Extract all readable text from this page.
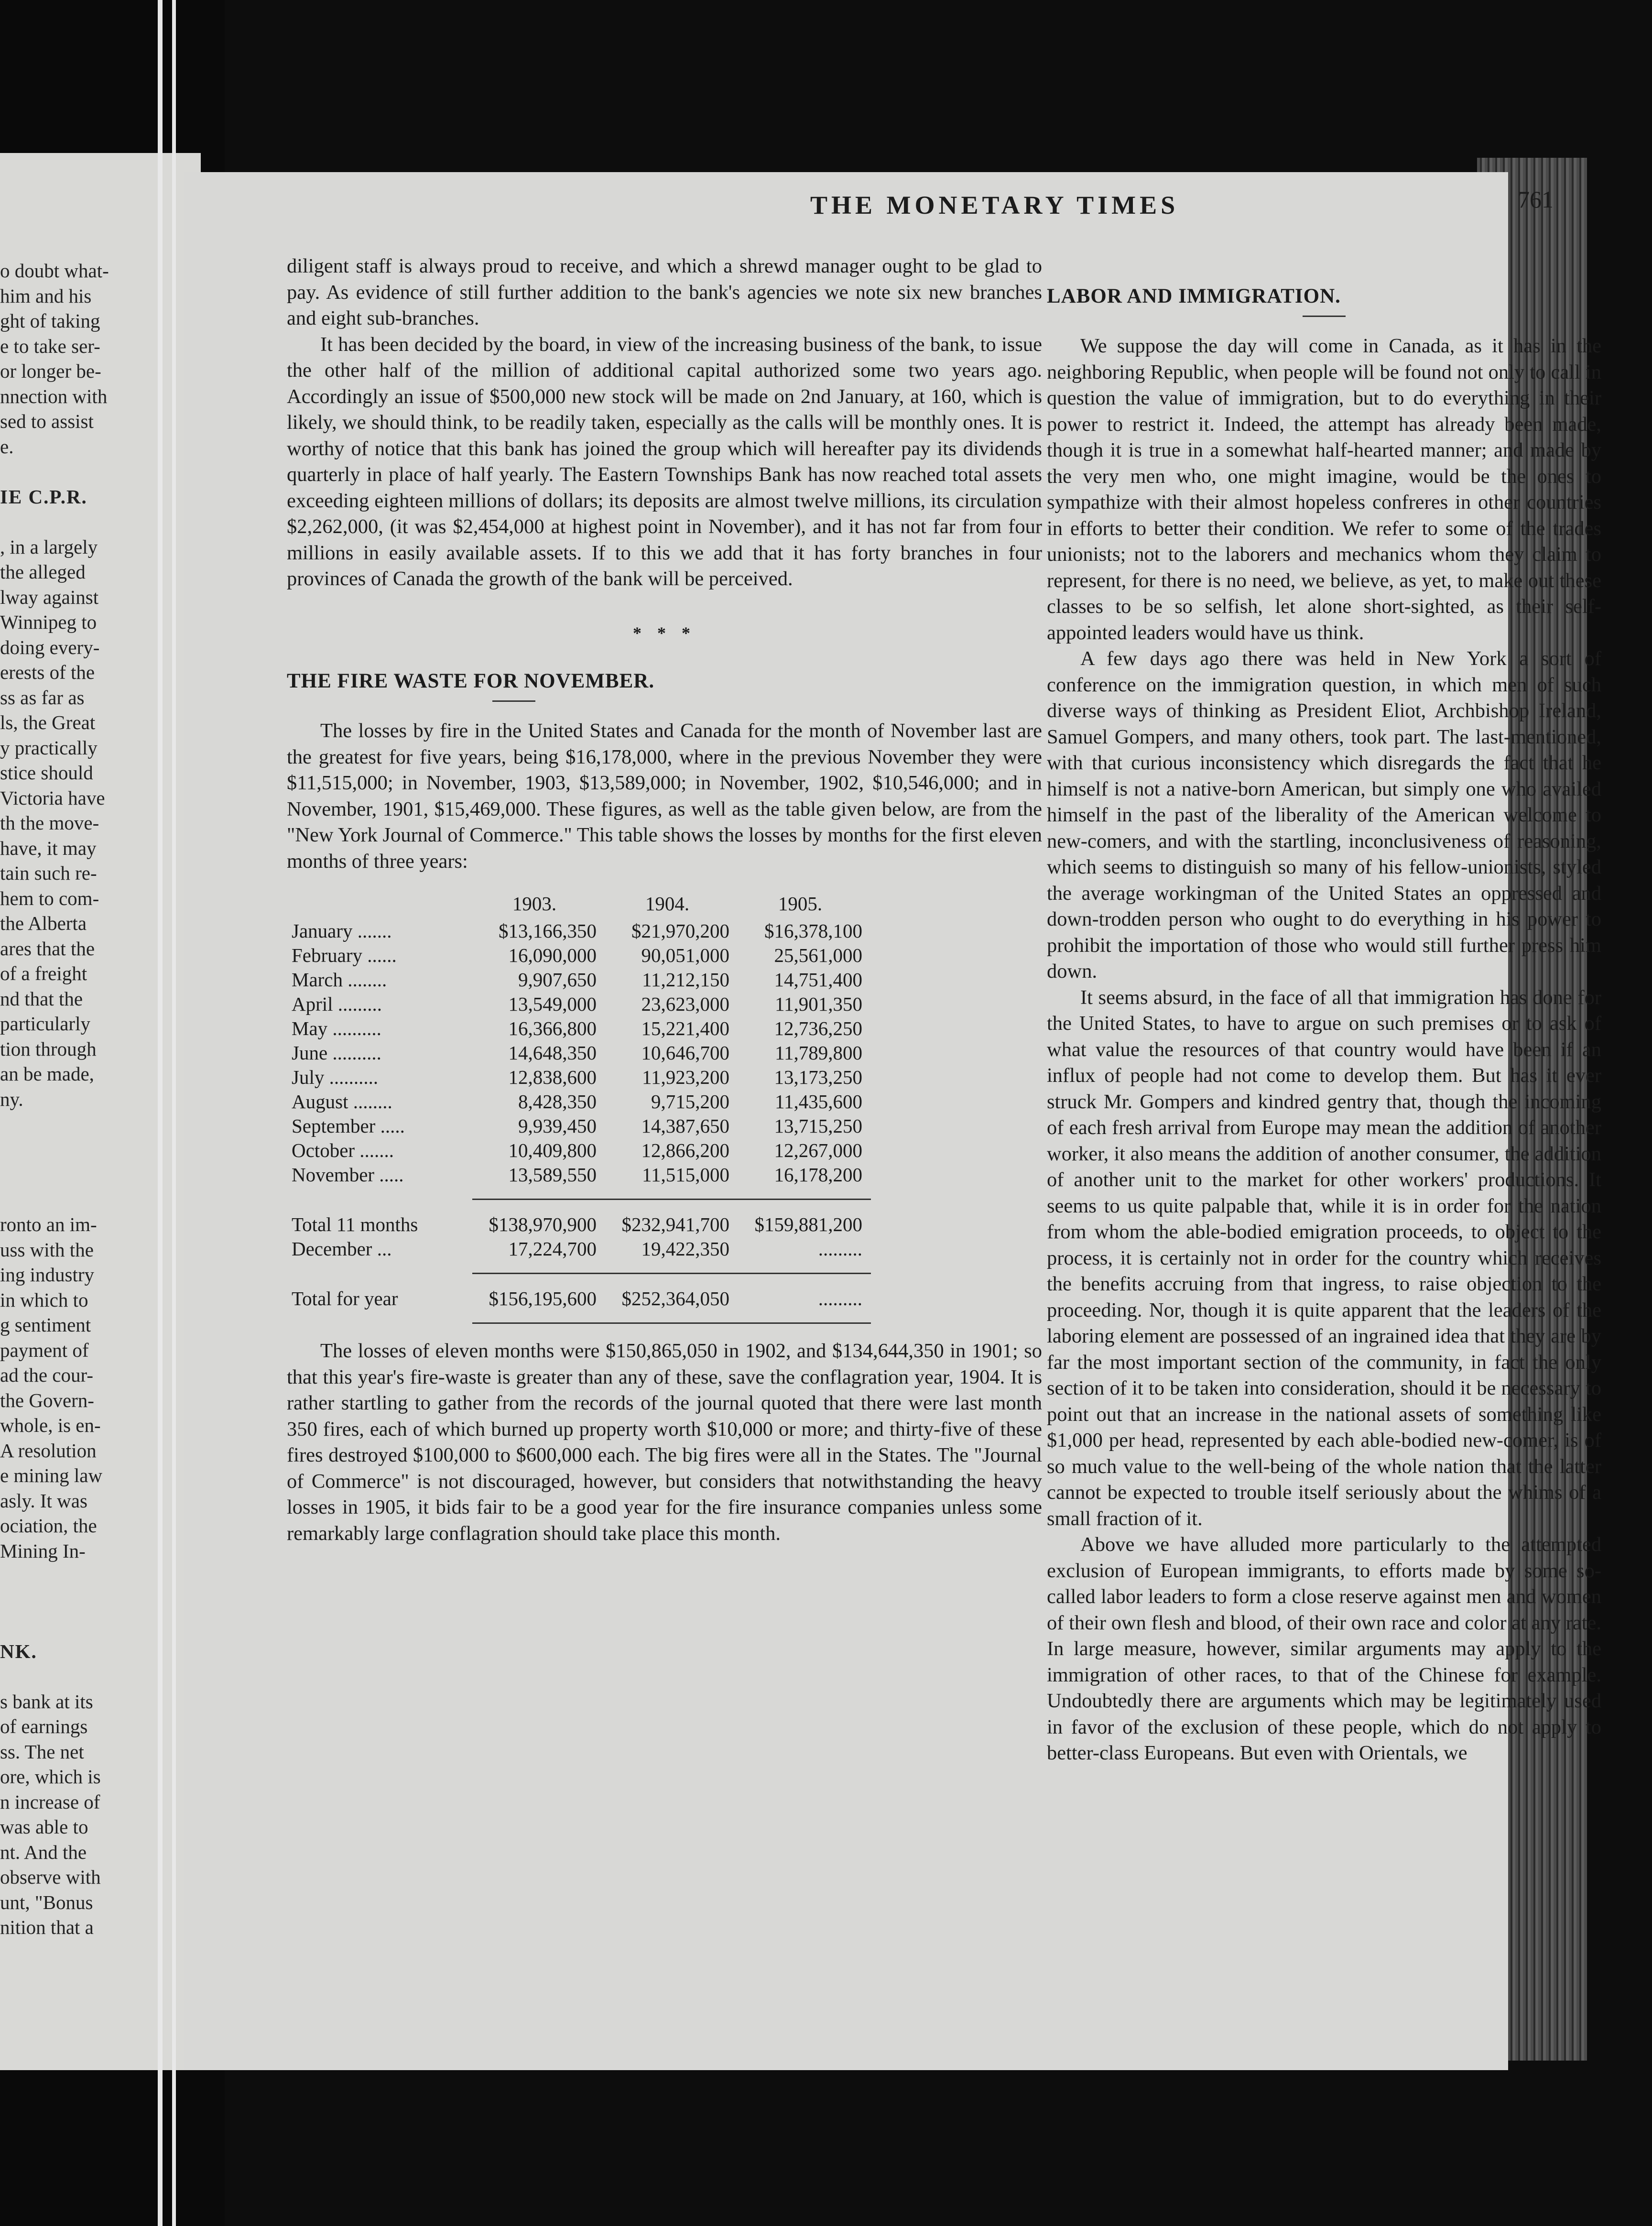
o doubt what-
him and his
ght of taking
e to take ser-
or longer be-
nnection with
sed to assist
e.
IE C.P.R.
, in a largely
the alleged
lway against
Winnipeg to
doing every-
erests of the
ss as far as
ls, the Great
y practically
stice should
Victoria have
th the move-
have, it may
tain such re-
hem to com-
the Alberta
ares that the
of a freight
nd that the
particularly
tion through
an be made,
ny.
ronto an im-
uss with the
ing industry
in which to
g sentiment
payment of
ad the cour-
the Govern-
whole, is en-
A resolution
e mining law
asly. It was
ociation, the
Mining In-
NK.
s bank at its
of earnings
ss. The net
ore, which is
n increase of
was able to
nt. And the
observe with
unt, "Bonus
nition that a
THE MONETARY TIMES	761

diligent staff is always proud to receive, and which a shrewd manager ought to be glad to pay. As evidence of still further addition to the bank's agencies we note six new branches and eight sub-branches.

It has been decided by the board, in view of the increasing business of the bank, to issue the other half of the million of additional capital authorized some two years ago. Accordingly an issue of $500,000 new stock will be made on 2nd January, at 160, which is likely, we should think, to be readily taken, especially as the calls will be monthly ones. It is worthy of notice that this bank has joined the group which will hereafter pay its dividends quarterly in place of half yearly. The Eastern Townships Bank has now reached total assets exceeding eighteen millions of dollars; its deposits are almost twelve millions, its circulation $2,262,000, (it was $2,454,000 at highest point in November), and it has not far from four millions in easily available assets. If to this we add that it has forty branches in four provinces of Canada the growth of the bank will be perceived.

* * *

THE FIRE WASTE FOR NOVEMBER.

The losses by fire in the United States and Canada for the month of November last are the greatest for five years, being $16,178,000, where in the previous November they were $11,515,000; in November, 1903, $13,589,000; in November, 1902, $10,546,000; and in November, 1901, $15,469,000. These figures, as well as the table given below, are from the "New York Journal of Commerce." This table shows the losses by months for the first eleven months of three years:

	1903.	1904.	1905.
January .......	$13,166,350	$21,970,200	$16,378,100
February ......	16,090,000	90,051,000	25,561,000
March ........	9,907,650	11,212,150	14,751,400
April .........	13,549,000	23,623,000	11,901,350
May ..........	16,366,800	15,221,400	12,736,250
June ..........	14,648,350	10,646,700	11,789,800
July ..........	12,838,600	11,923,200	13,173,250
August ........	8,428,350	9,715,200	11,435,600
September .....	9,939,450	14,387,650	13,715,250
October .......	10,409,800	12,866,200	12,267,000
November .....	13,589,550	11,515,000	16,178,200

Total 11 months	$138,970,900	$232,941,700	$159,881,200
December ...	17,224,700	19,422,350	.........

Total for year	$156,195,600	$252,364,050	.........

The losses of eleven months were $150,865,050 in 1902, and $134,644,350 in 1901; so that this year's fire-waste is greater than any of these, save the conflagration year, 1904. It is rather startling to gather from the records of the journal quoted that there were last month 350 fires, each of which burned up property worth $10,000 or more; and thirty-five of these fires destroyed $100,000 to $600,000 each. The big fires were all in the States. The "Journal of Commerce" is not discouraged, however, but considers that notwithstanding the heavy losses in 1905, it bids fair to be a good year for the fire insurance companies unless some remarkably large conflagration should take place this month.

LABOR AND IMMIGRATION.

We suppose the day will come in Canada, as it has in the neighboring Republic, when people will be found not only to call in question the value of immigration, but to do everything in their power to restrict it. Indeed, the attempt has already been made, though it is true in a somewhat half-hearted manner; and made by the very men who, one might imagine, would be the ones to sympathize with their almost hopeless confreres in other countries in efforts to better their condition. We refer to some of the trades unionists; not to the laborers and mechanics whom they claim to represent, for there is no need, we believe, as yet, to make out these classes to be so selfish, let alone short-sighted, as their self-appointed leaders would have us think.

A few days ago there was held in New York a sort of conference on the immigration question, in which men of such diverse ways of thinking as President Eliot, Archbishop Ireland, Samuel Gompers, and many others, took part. The last-mentioned, with that curious inconsistency which disregards the fact that he himself is not a native-born American, but simply one who availed himself in the past of the liberality of the American welcome to new-comers, and with the startling, inconclusiveness of reasoning, which seems to distinguish so many of his fellow-unionists, styled the average workingman of the United States an oppressed and down-trodden person who ought to do everything in his power to prohibit the importation of those who would still further press him down.

It seems absurd, in the face of all that immigration has done for the United States, to have to argue on such premises or to ask of what value the resources of that country would have been if an influx of people had not come to develop them. But has it ever struck Mr. Gompers and kindred gentry that, though the incoming of each fresh arrival from Europe may mean the addition of another worker, it also means the addition of another consumer, the addition of another unit to the market for other workers' productions. It seems to us quite palpable that, while it is in order for the nation from whom the able-bodied emigration proceeds, to object to the process, it is certainly not in order for the country which receives the benefits accruing from that ingress, to raise objection to the proceeding. Nor, though it is quite apparent that the leaders of the laboring element are possessed of an ingrained idea that they are by far the most important section of the community, in fact the only section of it to be taken into consideration, should it be necessary to point out that an increase in the national assets of something like $1,000 per head, represented by each able-bodied new-comer, is of so much value to the well-being of the whole nation that the latter cannot be expected to trouble itself seriously about the whims of a small fraction of it.

Above we have alluded more particularly to the attempted exclusion of European immigrants, to efforts made by some so-called labor leaders to form a close reserve against men and women of their own flesh and blood, of their own race and color at any rate. In large measure, however, similar arguments may apply to the immigration of other races, to that of the Chinese for example. Undoubtedly there are arguments which may be legitimately used in favor of the exclusion of these people, which do not apply to better-class Europeans. But even with Orientals, we
